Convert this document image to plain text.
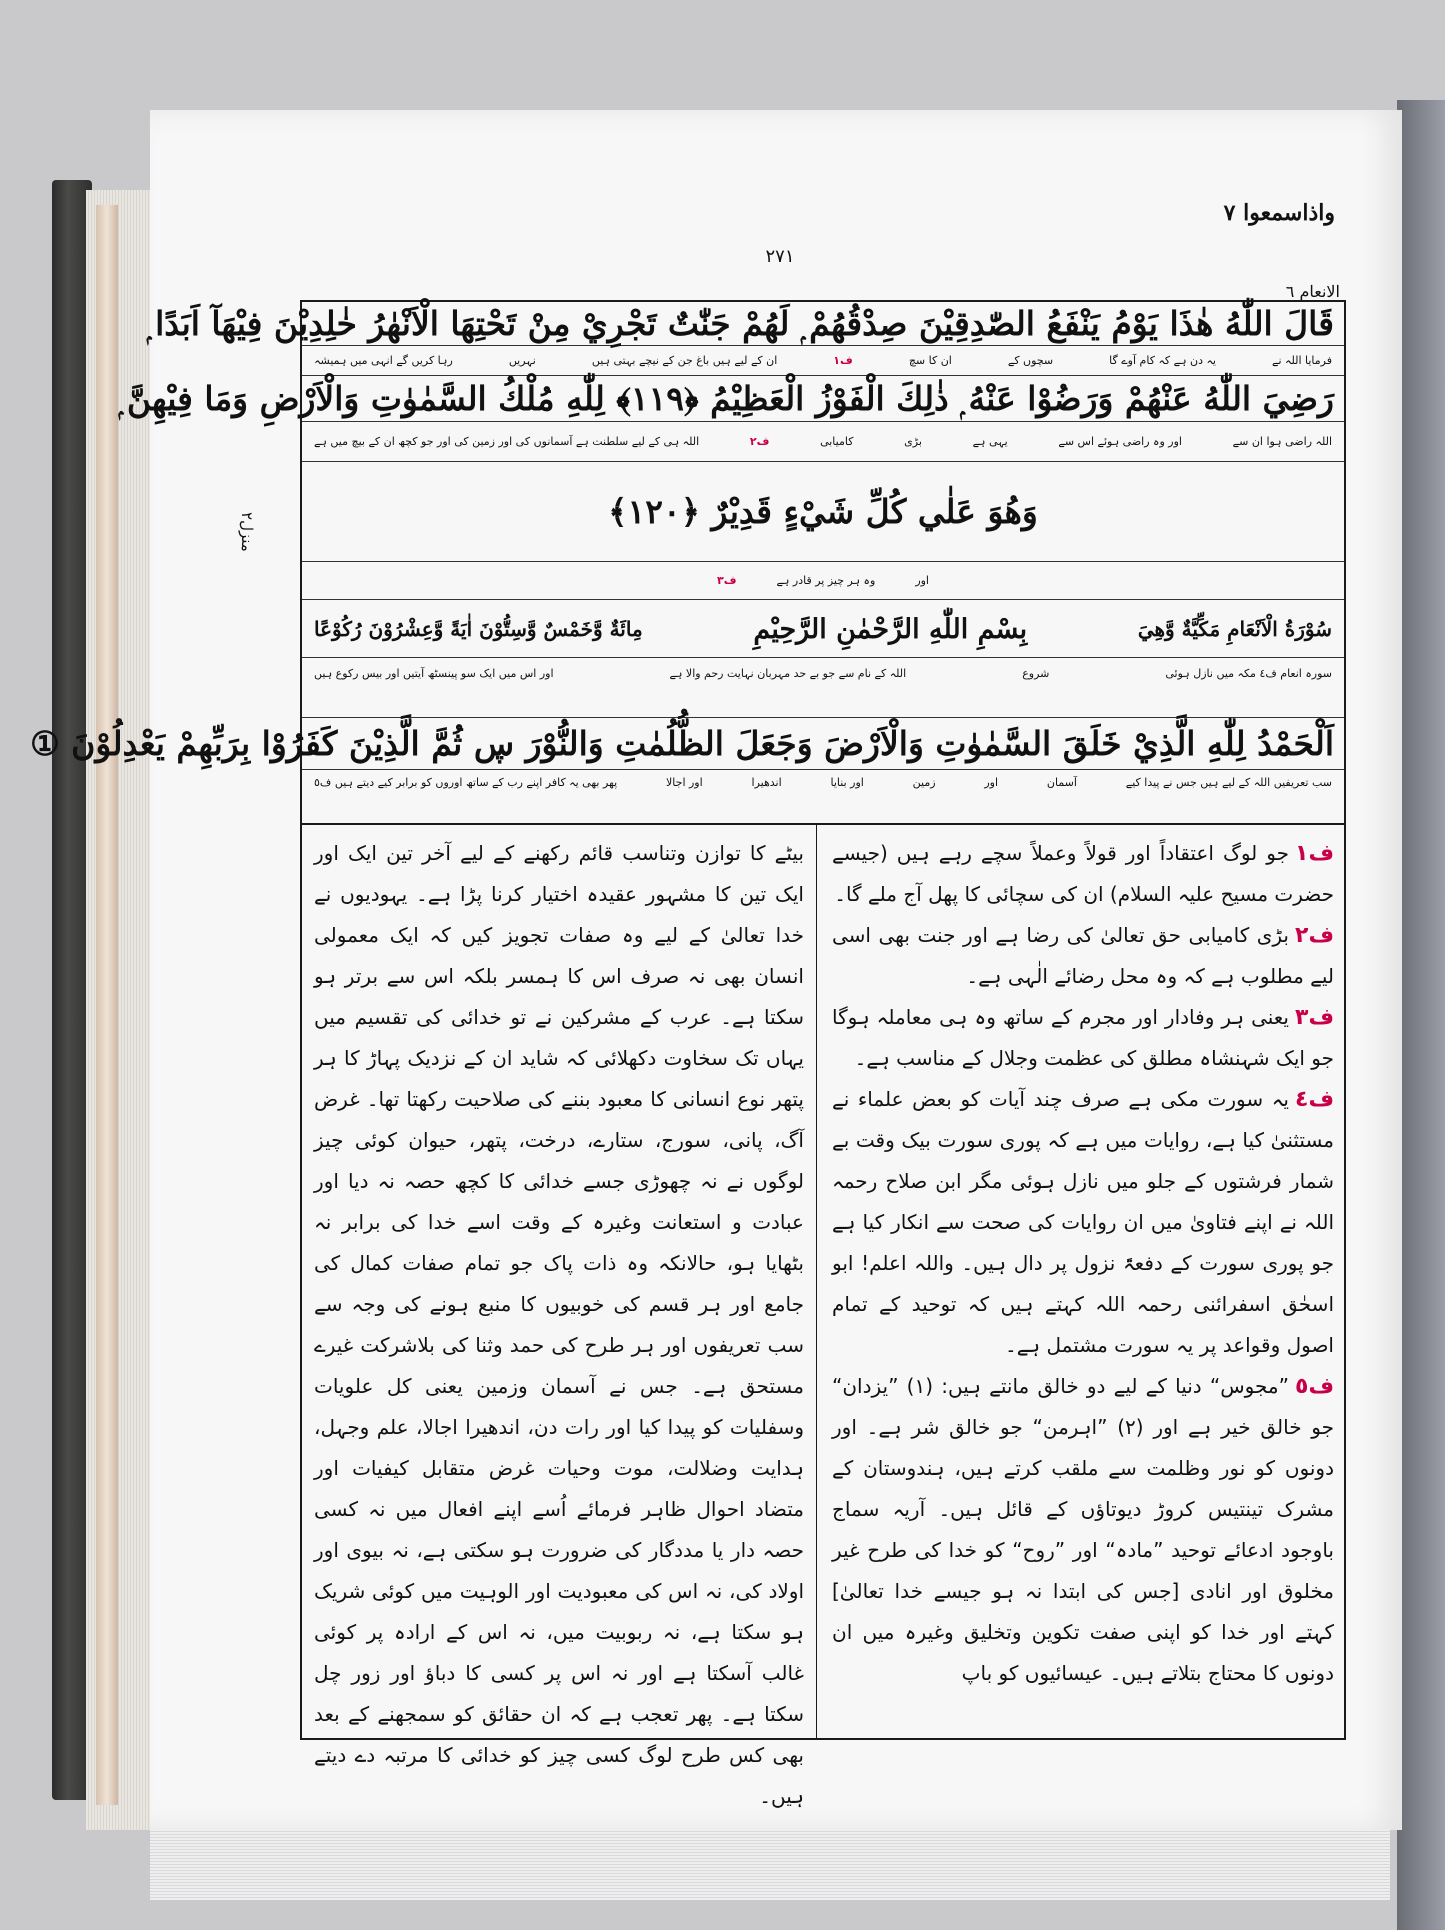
واذاسمعوا ٧
٢٧١
الانعام ٦
منزل٢
قَالَ اللّٰهُ هٰذَا يَوْمُ يَنْفَعُ الصّٰدِقِيْنَ صِدْقُهُمْ ۭ لَهُمْ جَنّٰتٌ تَجْرِيْ مِنْ تَحْتِهَا الْاَنْهٰرُ خٰلِدِيْنَ فِيْهَآ اَبَدًا ۭ
فرمایا اللہ نے
یہ دن ہے کہ کام آوے گا
سچوں کے
ان کا سچ
ف١
ان کے لیے ہیں باغ جن کے نیچے بہتی ہیں
نہریں
رہا کریں گے انہی میں ہمیشہ
رَضِيَ اللّٰهُ عَنْهُمْ وَرَضُوْا عَنْهُ ۭ ذٰلِكَ الْفَوْزُ الْعَظِيْمُ ﴿١١٩﴾ لِلّٰهِ مُلْكُ السَّمٰوٰتِ وَالْاَرْضِ وَمَا فِيْهِنَّ ۭ
اللہ راضی ہوا ان سے
اور وہ راضی ہوئے اس سے
یہی ہے
بڑی
کامیابی
ف٢
اللہ ہی کے لیے سلطنت ہے آسمانوں کی اور زمین کی اور جو کچھ ان کے بیچ میں ہے
وَهُوَ عَلٰي كُلِّ شَيْءٍ قَدِيْرٌ ﴿١٢٠﴾
اور
وہ ہر چیز پر قادر ہے
ف٣
سُوْرَةُ الْاَنْعَامِ مَكِّيَّةٌ وَّهِيَ
بِسْمِ اللّٰهِ الرَّحْمٰنِ الرَّحِيْمِ
مِائَةٌ وَّخَمْسٌ وَّسِتُّوْنَ اٰيَةً وَّعِشْرُوْنَ رُكُوْعًا
سورہ انعام ف٤ مکہ میں نازل ہوئی
شروع
اللہ کے نام سے جو بے حد مہربان نہایت رحم والا ہے
اور اس میں ایک سو پینسٹھ آیتیں اور بیس رکوع ہیں
اَلْحَمْدُ لِلّٰهِ الَّذِيْ خَلَقَ السَّمٰوٰتِ وَالْاَرْضَ وَجَعَلَ الظُّلُمٰتِ وَالنُّوْرَ ڛ ثُمَّ الَّذِيْنَ كَفَرُوْا بِرَبِّهِمْ يَعْدِلُوْنَ ①
سب تعریفیں اللہ کے لیے ہیں جس نے پیدا کیے
آسمان
اور
زمین
اور بنایا
اندھیرا
اور اجالا
پھر بھی یہ کافر اپنے رب کے ساتھ اوروں کو برابر کیے دیتے ہیں ف٥

ف١جو لوگ اعتقاداً اور قولاً وعملاً سچے رہے ہیں (جیسے حضرت مسیح علیہ السلام) ان کی سچائی کا پھل آج ملے گا۔

ف٢بڑی کامیابی حق تعالیٰ کی رضا ہے اور جنت بھی اسی لیے مطلوب ہے کہ وہ محل رضائے الٰہی ہے۔

ف٣یعنی ہر وفادار اور مجرم کے ساتھ وہ ہی معاملہ ہوگا جو ایک شہنشاہ مطلق کی عظمت وجلال کے مناسب ہے۔

ف٤یہ سورت مکی ہے صرف چند آیات کو بعض علماء نے مستثنیٰ کیا ہے، روایات میں ہے کہ پوری سورت بیک وقت بے شمار فرشتوں کے جلو میں نازل ہوئی مگر ابن صلاح رحمہ اللہ نے اپنے فتاویٰ میں ان روایات کی صحت سے انکار کیا ہے جو پوری سورت کے دفعۃً نزول پر دال ہیں۔ واللہ اعلم! ابو اسحٰق اسفرائنی رحمہ اللہ کہتے ہیں کہ توحید کے تمام اصول وقواعد پر یہ سورت مشتمل ہے۔

ف٥”مجوس“ دنیا کے لیے دو خالق مانتے ہیں: (١) ”یزدان“ جو خالق خیر ہے اور (٢) ”اہرمن“ جو خالق شر ہے۔ اور دونوں کو نور وظلمت سے ملقب کرتے ہیں، ہندوستان کے مشرک تینتیس کروڑ دیوتاؤں کے قائل ہیں۔ آریہ سماج باوجود ادعائے توحید ”مادہ“ اور ”روح“ کو خدا کی طرح غیر مخلوق اور انادی [جس کی ابتدا نہ ہو جیسے خدا تعالیٰ] کہتے اور خدا کو اپنی صفت تکوین وتخلیق وغیرہ میں ان دونوں کا محتاج بتلاتے ہیں۔ عیسائیوں کو باپ

بیٹے کا توازن وتناسب قائم رکھنے کے لیے آخر تین ایک اور ایک تین کا مشہور عقیدہ اختیار کرنا پڑا ہے۔ یہودیوں نے خدا تعالیٰ کے لیے وہ صفات تجویز کیں کہ ایک معمولی انسان بھی نہ صرف اس کا ہمسر بلکہ اس سے برتر ہو سکتا ہے۔ عرب کے مشرکین نے تو خدائی کی تقسیم میں یہاں تک سخاوت دکھلائی کہ شاید ان کے نزدیک پہاڑ کا ہر پتھر نوع انسانی کا معبود بننے کی صلاحیت رکھتا تھا۔ غرض آگ، پانی، سورج، ستارے، درخت، پتھر، حیوان کوئی چیز لوگوں نے نہ چھوڑی جسے خدائی کا کچھ حصہ نہ دیا اور عبادت و استعانت وغیرہ کے وقت اسے خدا کی برابر نہ بٹھایا ہو، حالانکہ وہ ذات پاک جو تمام صفات کمال کی جامع اور ہر قسم کی خوبیوں کا منبع ہونے کی وجہ سے سب تعریفوں اور ہر طرح کی حمد وثنا کی بلاشرکت غیرے مستحق ہے۔ جس نے آسمان وزمین یعنی کل علویات وسفلیات کو پیدا کیا اور رات دن، اندھیرا اجالا، علم وجہل، ہدایت وضلالت، موت وحیات غرض متقابل کیفیات اور متضاد احوال ظاہر فرمائے اُسے اپنے افعال میں نہ کسی حصہ دار یا مددگار کی ضرورت ہو سکتی ہے، نہ بیوی اور اولاد کی، نہ اس کی معبودیت اور الوہیت میں کوئی شریک ہو سکتا ہے، نہ ربوبیت میں، نہ اس کے ارادہ پر کوئی غالب آسکتا ہے اور نہ اس پر کسی کا دباؤ اور زور چل سکتا ہے۔ پھر تعجب ہے کہ ان حقائق کو سمجھنے کے بعد بھی کس طرح لوگ کسی چیز کو خدائی کا مرتبہ دے دیتے ہیں۔
